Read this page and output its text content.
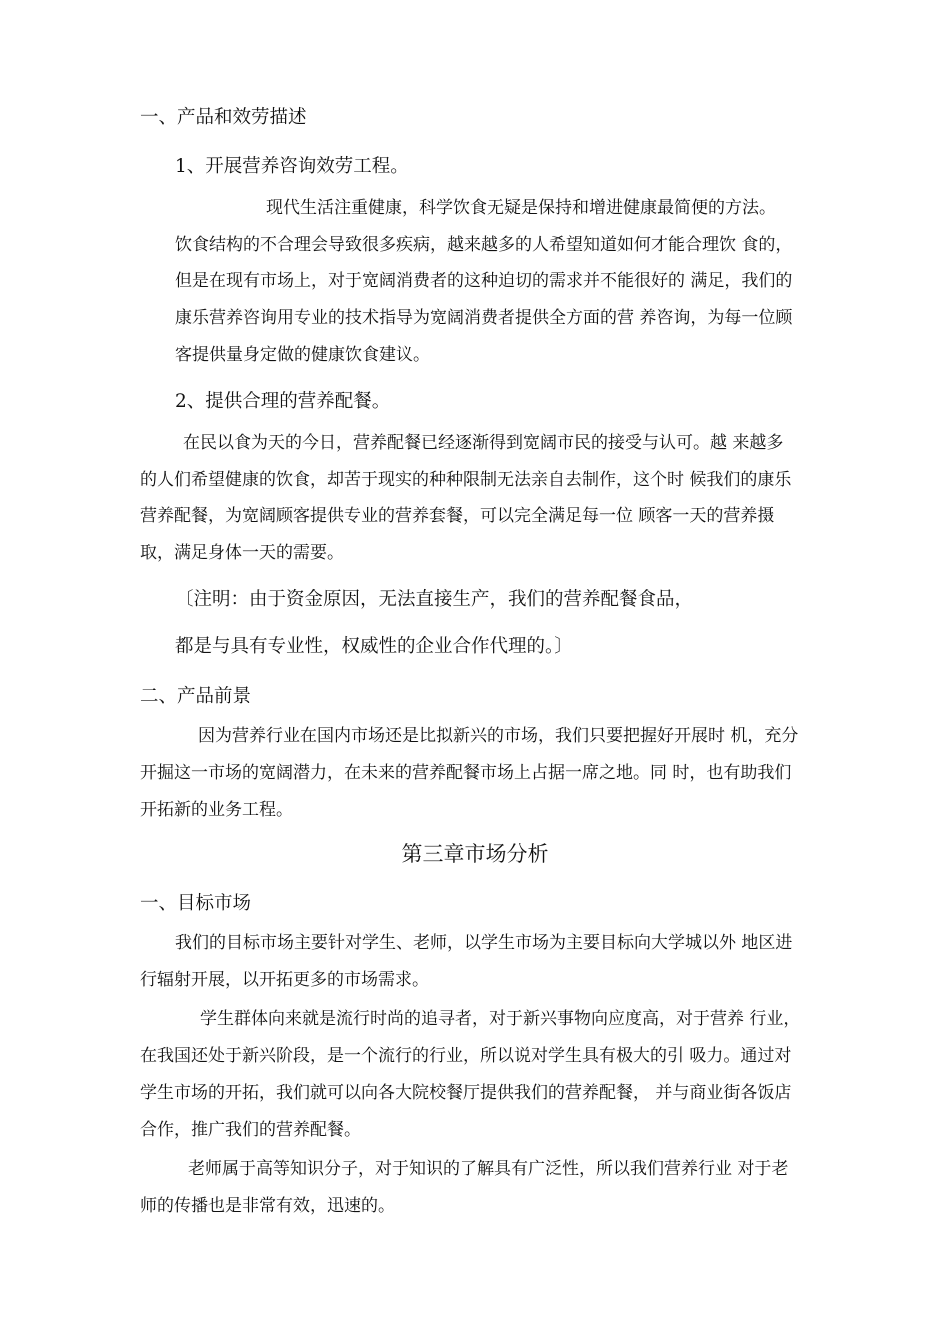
一、产品和效劳描述
1、开展营养咨询效劳工程。
现代生活注重健康，科学饮食无疑是保持和增进健康最简便的方法。
饮食结构的不合理会导致很多疾病，越来越多的人希望知道如何才能合理饮 食的，
但是在现有市场上，对于宽阔消费者的这种迫切的需求并不能很好的 满足，我们的
康乐营养咨询用专业的技术指导为宽阔消费者提供全方面的营 养咨询，为每一位顾
客提供量身定做的健康饮食建议。
2、提供合理的营养配餐。
在民以食为天的今日，营养配餐已经逐渐得到宽阔市民的接受与认可。越 来越多
的人们希望健康的饮食，却苦于现实的种种限制无法亲自去制作，这个时 候我们的康乐
营养配餐，为宽阔顾客提供专业的营养套餐，可以完全满足每一位 顾客一天的营养摄
取，满足身体一天的需要。
〔注明：由于资金原因，无法直接生产，我们的营养配餐食品，
都是与具有专业性，权威性的企业合作代理的。〕
二、产品前景
因为营养行业在国内市场还是比拟新兴的市场，我们只要把握好开展时 机，充分
开掘这一市场的宽阔潜力，在未来的营养配餐市场上占据一席之地。同 时，也有助我们
开拓新的业务工程。
第三章市场分析
一、目标市场
我们的目标市场主要针对学生、老师，以学生市场为主要目标向大学城以外 地区进
行辐射开展，以开拓更多的市场需求。
学生群体向来就是流行时尚的追寻者，对于新兴事物向应度高，对于营养 行业，
在我国还处于新兴阶段，是一个流行的行业，所以说对学生具有极大的引 吸力。通过对
学生市场的开拓，我们就可以向各大院校餐厅提供我们的营养配餐， 并与商业街各饭店
合作，推广我们的营养配餐。
老师属于高等知识分子，对于知识的了解具有广泛性，所以我们营养行业 对于老
师的传播也是非常有效，迅速的。
